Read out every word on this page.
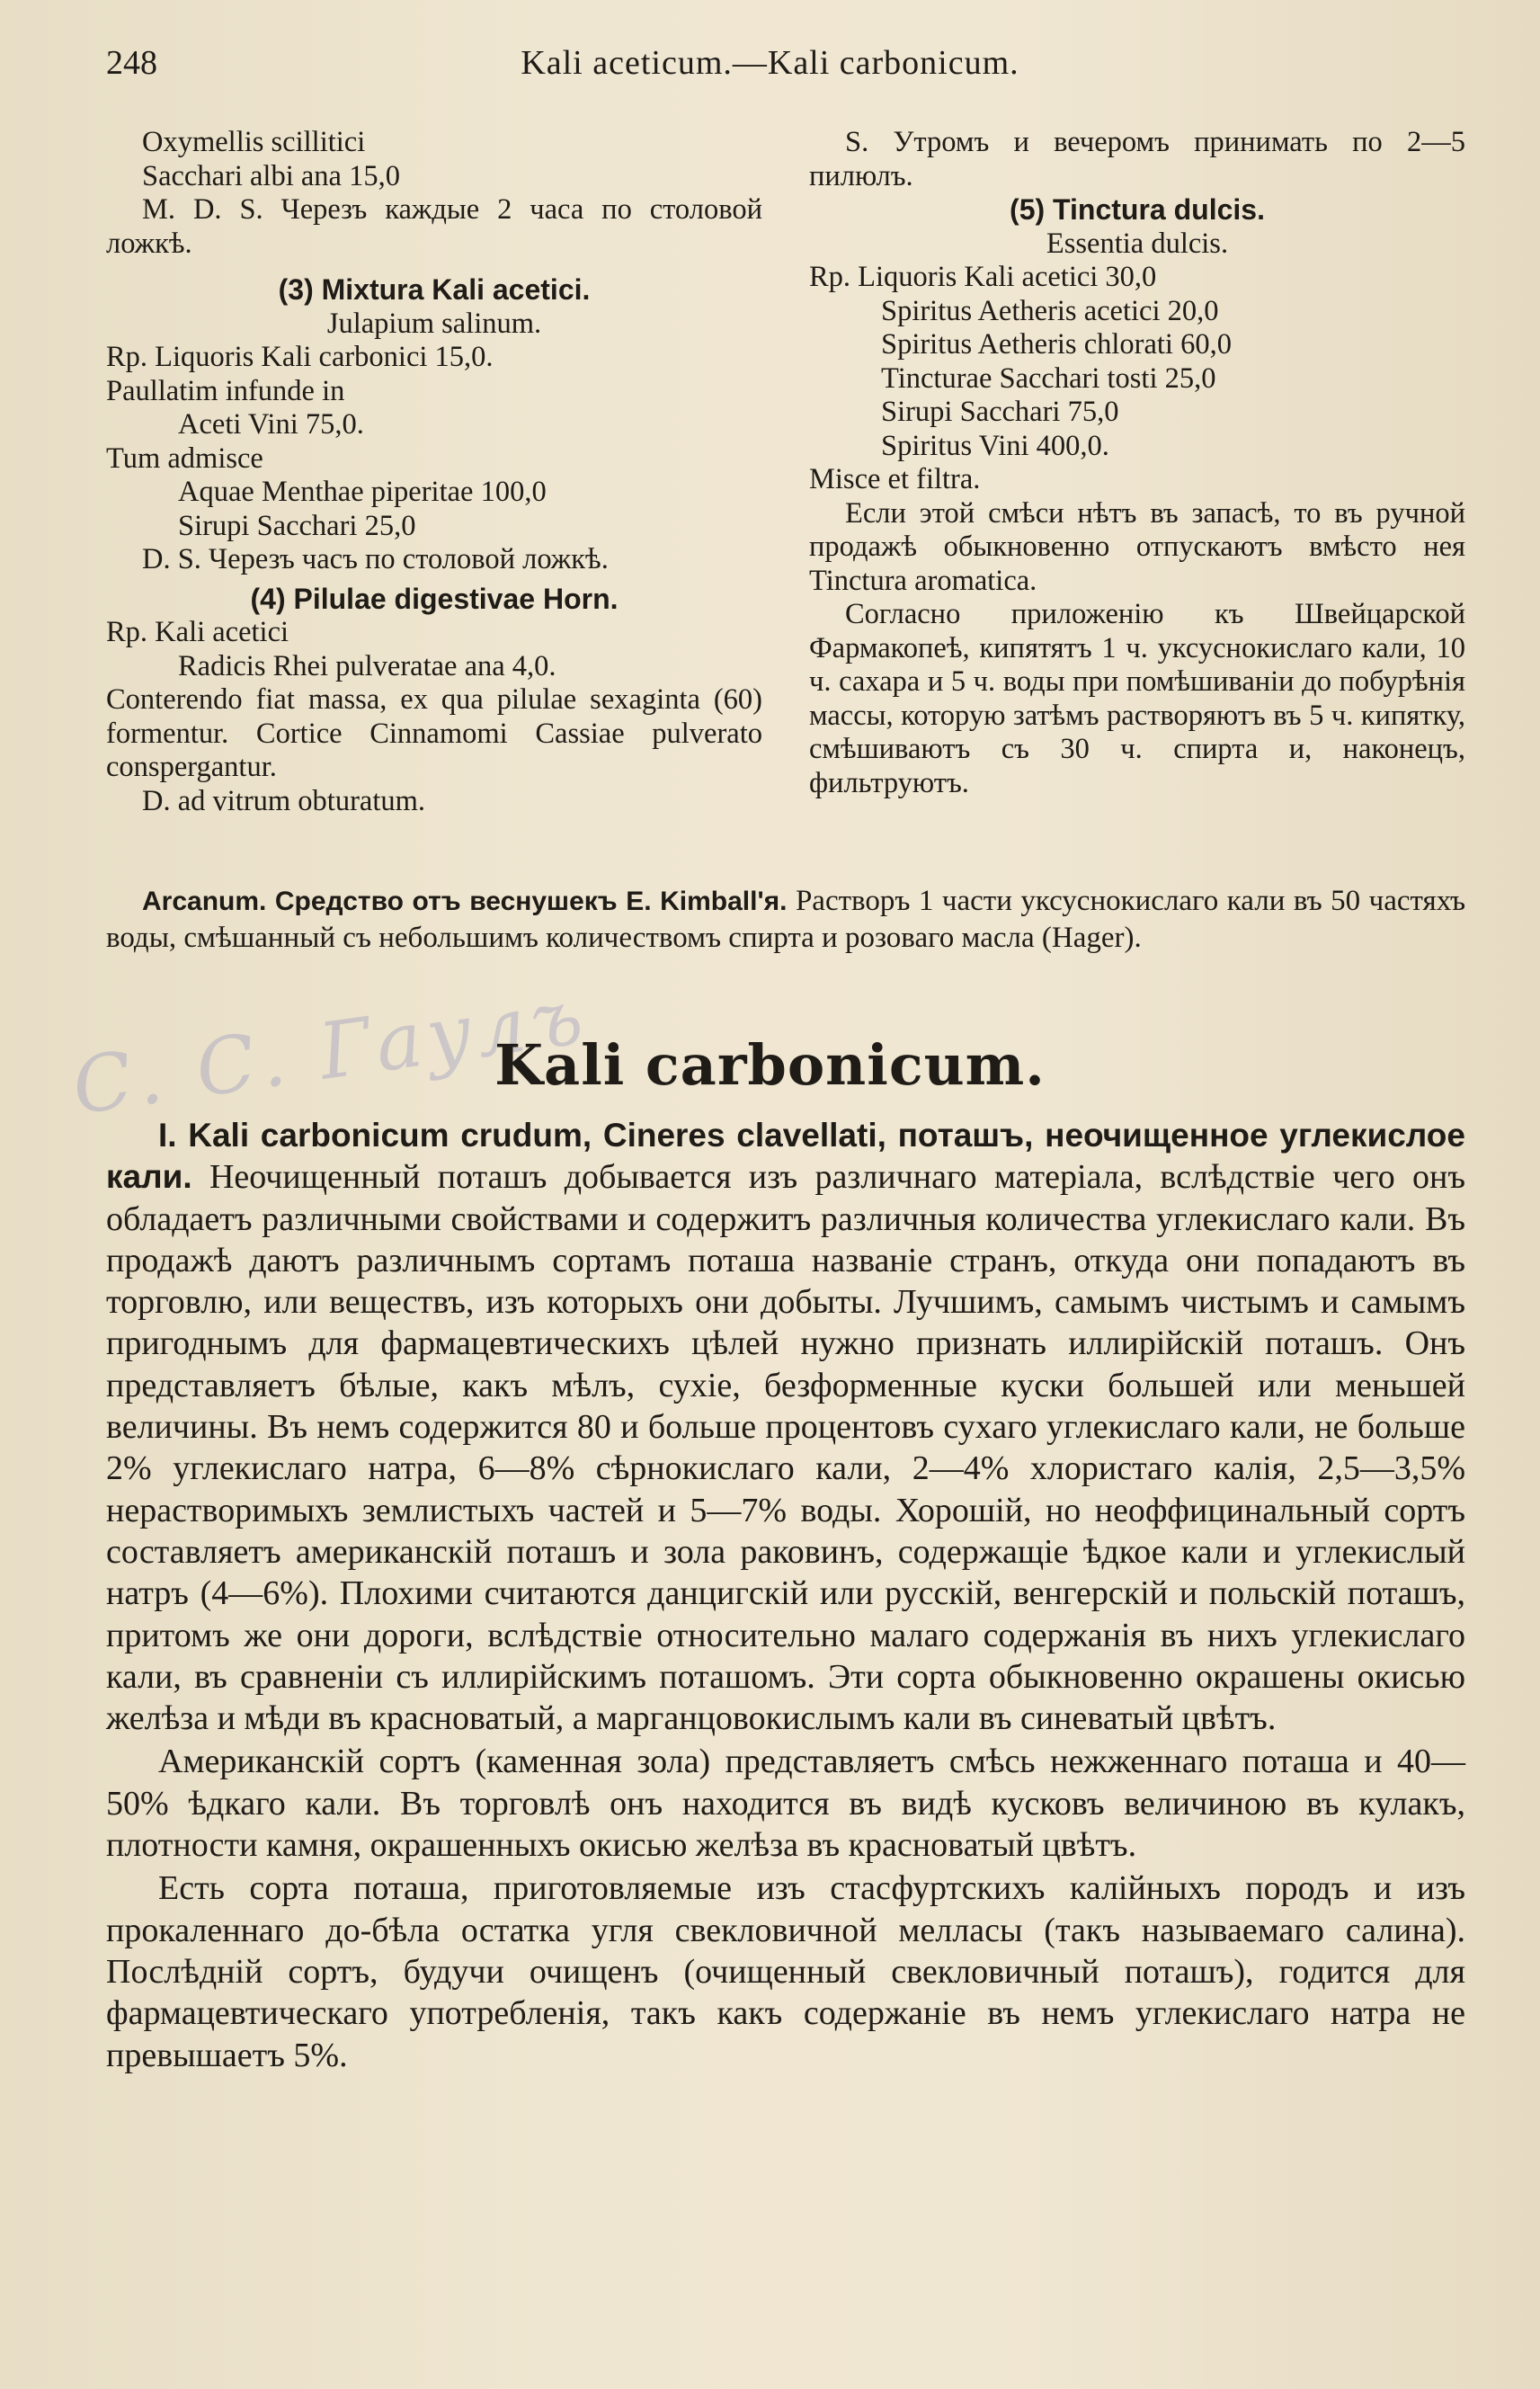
248	Kali aceticum.—Kali carbonicum.

Oxymellis scillitici

Sacchari albi ana 15,0

M. D. S. Черезъ каждые 2 часа по столовой ложкѣ.

(3) Mixtura Kali acetici.

Julapium salinum.

Rp. Liquoris Kali carbonici 15,0.

Paullatim infunde in

Aceti Vini 75,0.

Tum admisce

Aquae Menthae piperitae 100,0

Sirupi Sacchari 25,0

D. S. Черезъ часъ по столовой ложкѣ.

(4) Pilulae digestivae Horn.

Rp. Kali acetici

Radicis Rhei pulveratae ana 4,0.

Conterendo fiat massa, ex qua pilulae sexaginta (60) formentur. Cortice Cinnamomi Cassiae pulverato conspergantur.

D. ad vitrum obturatum.

S. Утромъ и вечеромъ принимать по 2—5 пилюлъ.

(5) Tinctura dulcis.

Essentia dulcis.

Rp. Liquoris Kali acetici 30,0

Spiritus Aetheris acetici 20,0

Spiritus Aetheris chlorati 60,0

Tincturae Sacchari tosti 25,0

Sirupi Sacchari 75,0

Spiritus Vini 400,0.

Misce et filtra.

Если этой смѣси нѣтъ въ запасѣ, то въ ручной продажѣ обыкновенно отпускаютъ вмѣсто нея Tinctura aromatica.

Согласно приложенію къ Швейцарской Фармакопеѣ, кипятятъ 1 ч. уксуснокислаго кали, 10 ч. сахара и 5 ч. воды при помѣшиваніи до побурѣнія массы, которую затѣмъ растворяютъ въ 5 ч. кипятку, смѣшиваютъ съ 30 ч. спирта и, наконецъ, фильтруютъ.

Arcanum. Средство отъ веснушекъ E. Kimball'я. Растворъ 1 части уксуснокислаго кали въ 50 частяхъ воды, смѣшанный съ небольшимъ количествомъ спирта и розоваго масла (Hager).
С. С. Гаулъ
Kali carbonicum.

I. Kali carbonicum crudum, Cineres clavellati, поташъ, неочищенное углекислое кали. Неочищенный поташъ добывается изъ различнаго матеріала, вслѣдствіе чего онъ обладаетъ различными свойствами и содержитъ различныя количества углекислаго кали. Въ продажѣ даютъ различнымъ сортамъ поташа названіе странъ, откуда они попадаютъ въ торговлю, или веществъ, изъ которыхъ они добыты. Лучшимъ, самымъ чистымъ и самымъ пригоднымъ для фармацевтическихъ цѣлей нужно признать иллирійскій поташъ. Онъ представляетъ бѣлые, какъ мѣлъ, сухіе, безформенные куски большей или меньшей величины. Въ немъ содержится 80 и больше процентовъ сухаго углекислаго кали, не больше 2% углекислаго натра, 6—8% сѣрнокислаго кали, 2—4% хлористаго калія, 2,5—3,5% нерастворимыхъ землистыхъ частей и 5—7% воды. Хорошій, но неоффицинальный сортъ составляетъ американскій поташъ и зола раковинъ, содержащіе ѣдкое кали и углекислый натръ (4—6%). Плохими считаются данцигскій или русскій, венгерскій и польскій поташъ, притомъ же они дороги, вслѣдствіе относительно малаго содержанія въ нихъ углекислаго кали, въ сравненіи съ иллирійскимъ поташомъ. Эти сорта обыкновенно окрашены окисью желѣза и мѣди въ красноватый, а марганцовокислымъ кали въ синеватый цвѣтъ.

Американскій сортъ (каменная зола) представляетъ смѣсь нежженнаго поташа и 40—50% ѣдкаго кали. Въ торговлѣ онъ находится въ видѣ кусковъ величиною въ кулакъ, плотности камня, окрашенныхъ окисью желѣза въ красноватый цвѣтъ.

Есть сорта поташа, приготовляемые изъ стасфуртскихъ калійныхъ породъ и изъ прокаленнаго до-бѣла остатка угля свекловичной мелласы (такъ называемаго салина). Послѣдній сортъ, будучи очищенъ (очищенный свекловичный поташъ), годится для фармацевтическаго употребленія, такъ какъ содержаніе въ немъ углекислаго натра не превышаетъ 5%.
